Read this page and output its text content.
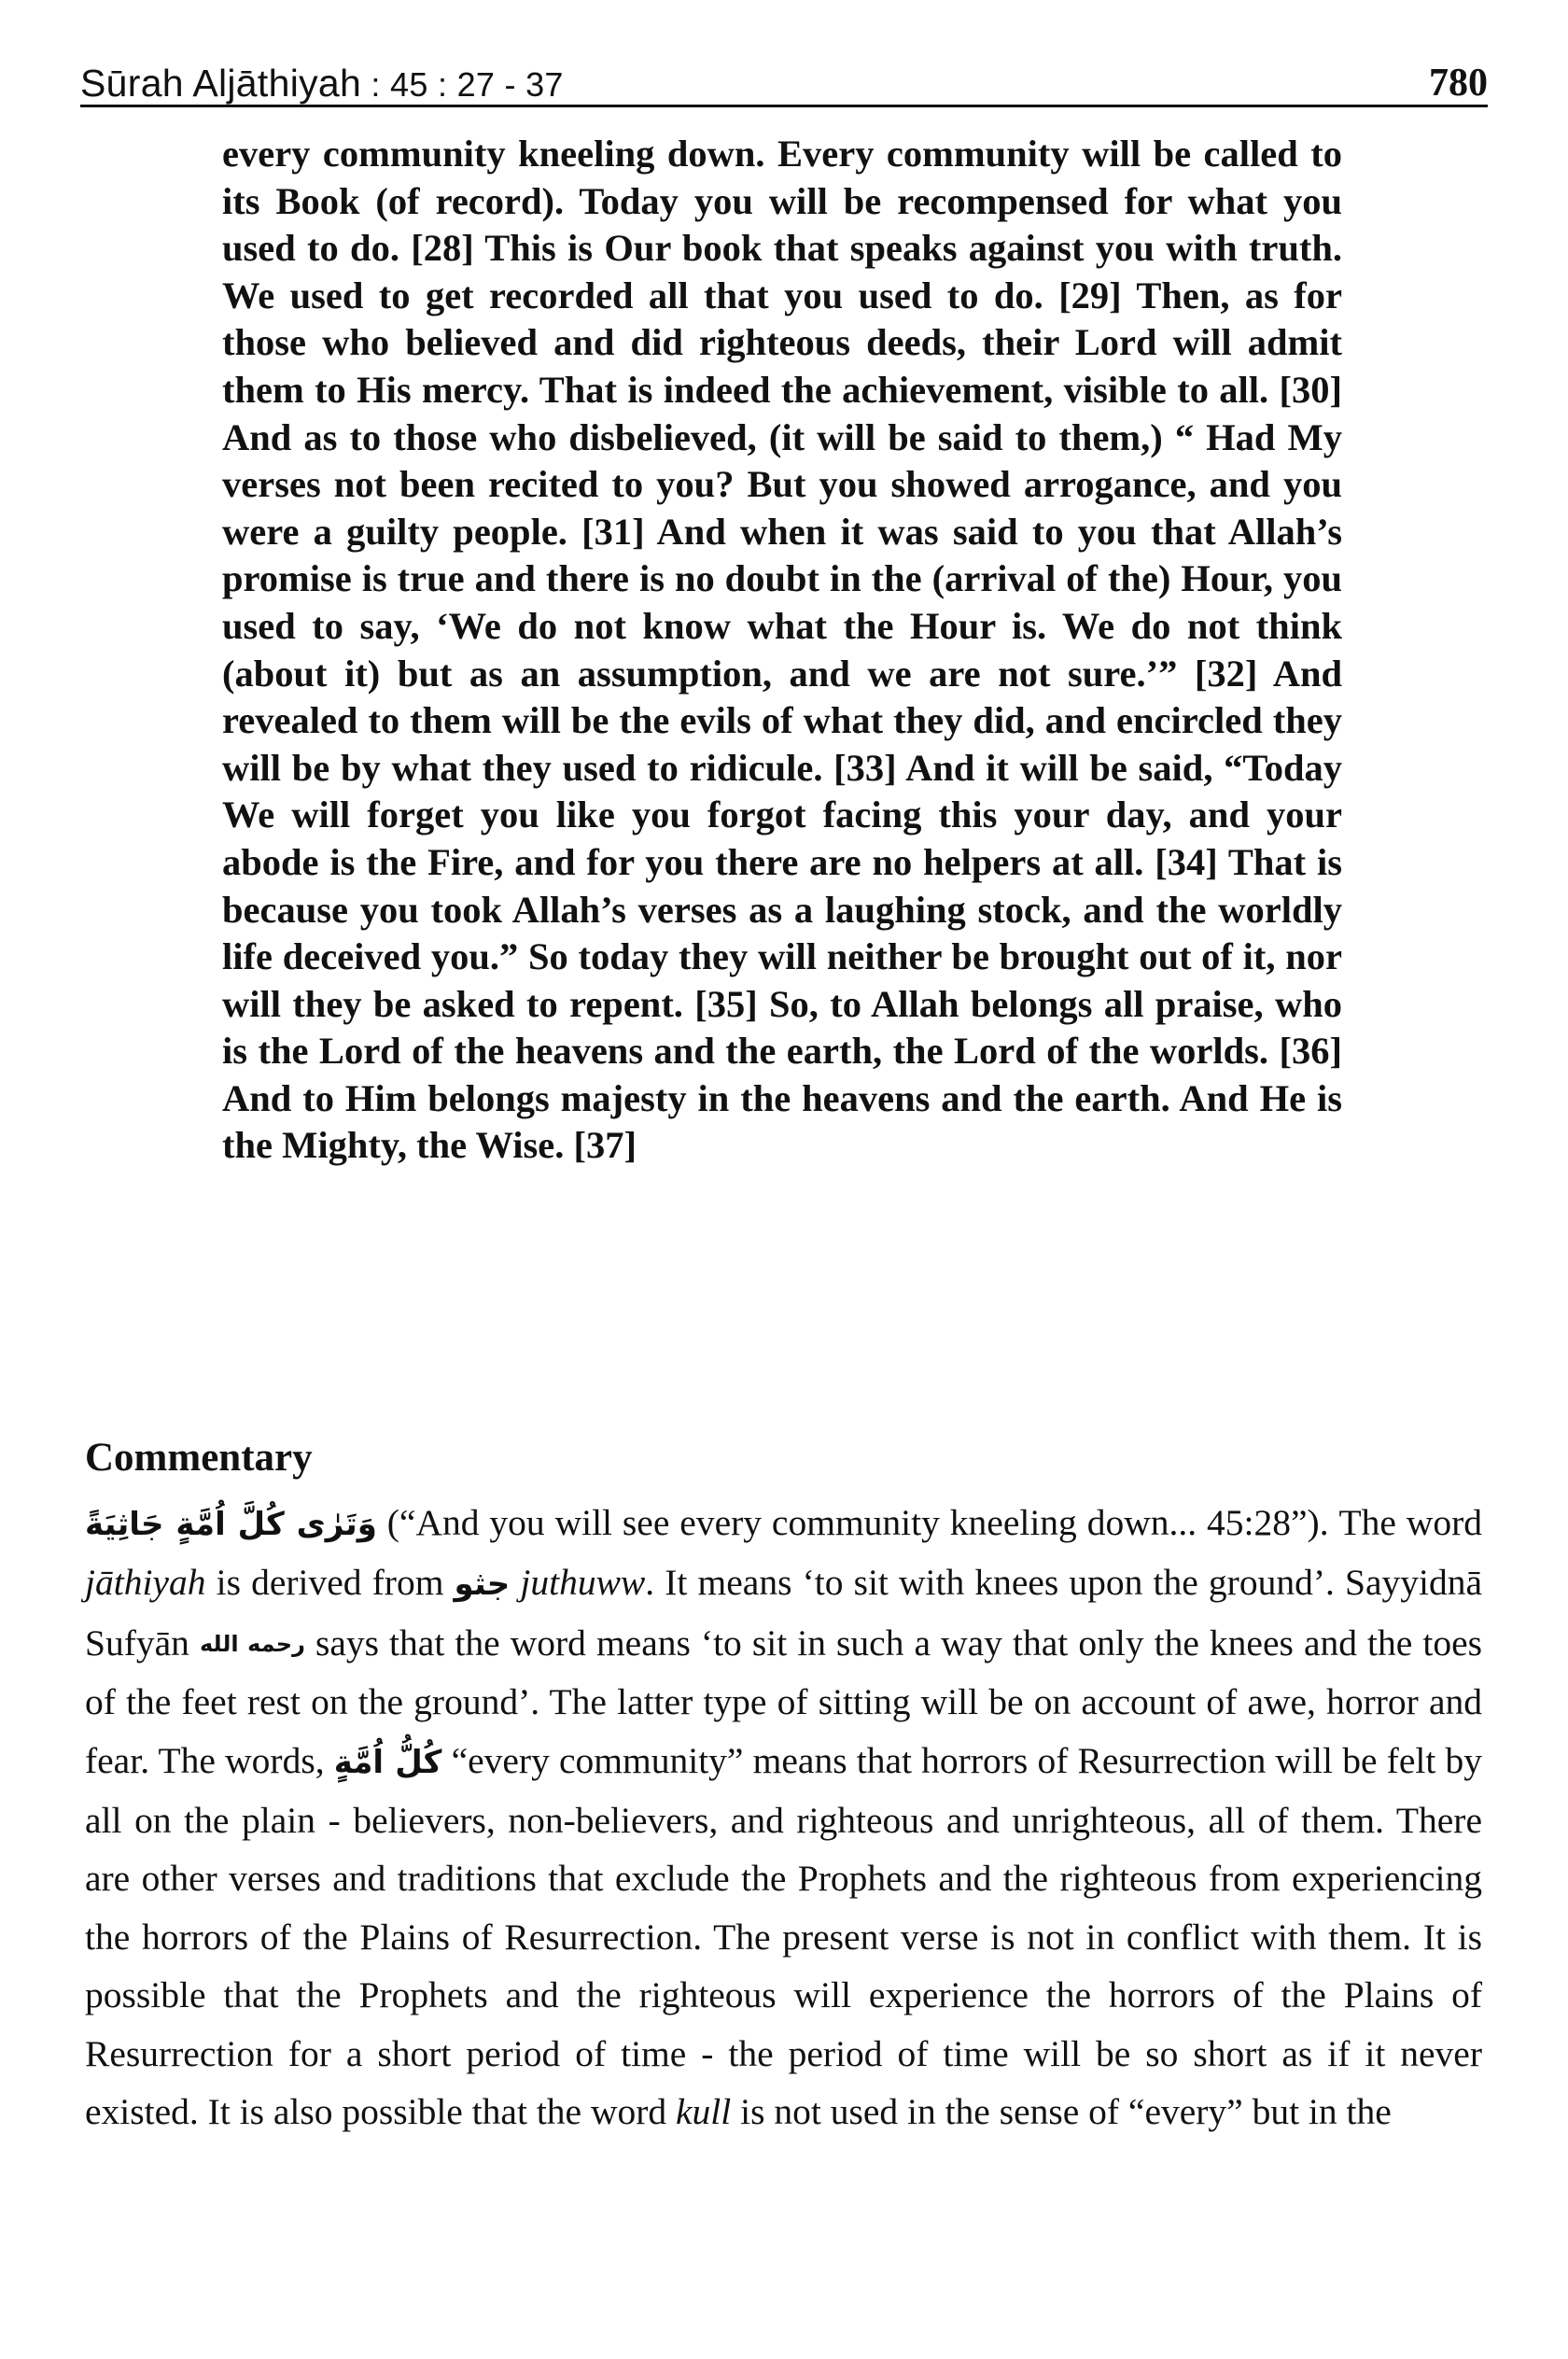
Sūrah Aljāthiyah : 45 : 27 - 37	780

every community kneeling down. Every community will be called to its Book (of record). Today you will be recompensed for what you used to do. [28] This is Our book that speaks against you with truth. We used to get recorded all that you used to do. [29] Then, as for those who believed and did righteous deeds, their Lord will admit them to His mercy. That is indeed the achievement, visible to all. [30] And as to those who disbelieved, (it will be said to them,) “ Had My verses not been recited to you? But you showed arrogance, and you were a guilty people. [31] And when it was said to you that Allah’s promise is true and there is no doubt in the (arrival of the) Hour, you used to say, ‘We do not know what the Hour is. We do not think (about it) but as an assumption, and we are not sure.’” [32] And revealed to them will be the evils of what they did, and encircled they will be by what they used to ridicule. [33] And it will be said, “Today We will forget you like you forgot facing this your day, and your abode is the Fire, and for you there are no helpers at all. [34] That is because you took Allah’s verses as a laughing stock, and the worldly life deceived you.” So today they will neither be brought out of it, nor will they be asked to repent. [35] So, to Allah belongs all praise, who is the Lord of the heavens and the earth, the Lord of the worlds. [36] And to Him belongs majesty in the heavens and the earth. And He is the Mighty, the Wise. [37]

Commentary

وَتَرٰى كُلَّ اُمَّةٍ جَاثِيَةً (“And you will see every community kneeling down... 45:28”). The word jāthiyah is derived from جثو juthuww. It means ‘to sit with knees upon the ground’. Sayyidnā Sufyān رحمه الله says that the word means ‘to sit in such a way that only the knees and the toes of the feet rest on the ground’. The latter type of sitting will be on account of awe, horror and fear. The words, كُلُّ اُمَّةٍ “every community” means that horrors of Resurrection will be felt by all on the plain - believers, non-believers, and righteous and unrighteous, all of them. There are other verses and traditions that exclude the Prophets and the righteous from experiencing the horrors of the Plains of Resurrection. The present verse is not in conflict with them. It is possible that the Prophets and the righteous will experience the horrors of the Plains of Resurrection for a short period of time - the period of time will be so short as if it never existed. It is also possible that the word kull is not used in the sense of “every” but in the
